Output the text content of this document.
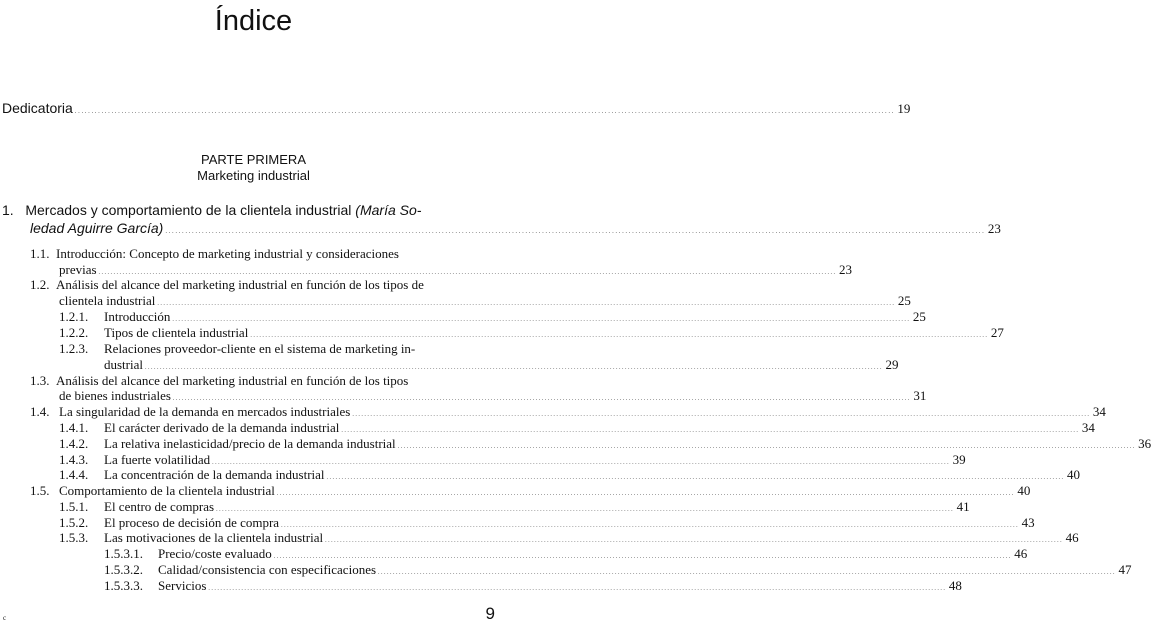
Índice
Dedicatoria . . .	19
PARTE PRIMERA
Marketing industrial
1. Mercados y comportamiento de la clientela industrial (María So-
ledad Aguirre García) . . .	23
1.1. Introducción: Concepto de marketing industrial y consideraciones
previas . . .	23
1.2. Análisis del alcance del marketing industrial en función de los tipos de
clientela industrial . . .	25
1.2.1.	Introducción . . .	25
1.2.2.	Tipos de clientela industrial . . .	27
1.2.3. Relaciones proveedor-cliente en el sistema de marketing in-
dustrial . . .	29
1.3. Análisis del alcance del marketing industrial en función de los tipos
de bienes industriales . . .	31
1.4. La singularidad de la demanda en mercados industriales . . .	34
1.4.1.	El carácter derivado de la demanda industrial . . .	34
1.4.2.	La relativa inelasticidad/precio de la demanda industrial . . .	36
1.4.3.	La fuerte volatilidad . . .	39
1.4.4.	La concentración de la demanda industrial . . .	40
1.5. Comportamiento de la clientela industrial . . .	40
1.5.1.	El centro de compras . . .	41
1.5.2.	El proceso de decisión de compra . . .	43
1.5.3.	Las motivaciones de la clientela industrial . . .	46
1.5.3.1.	Precio/coste evaluado . . .	46
1.5.3.2.	Calidad/consistencia con especificaciones . . .	47
1.5.3.3.	Servicios . . .	48
c	9
